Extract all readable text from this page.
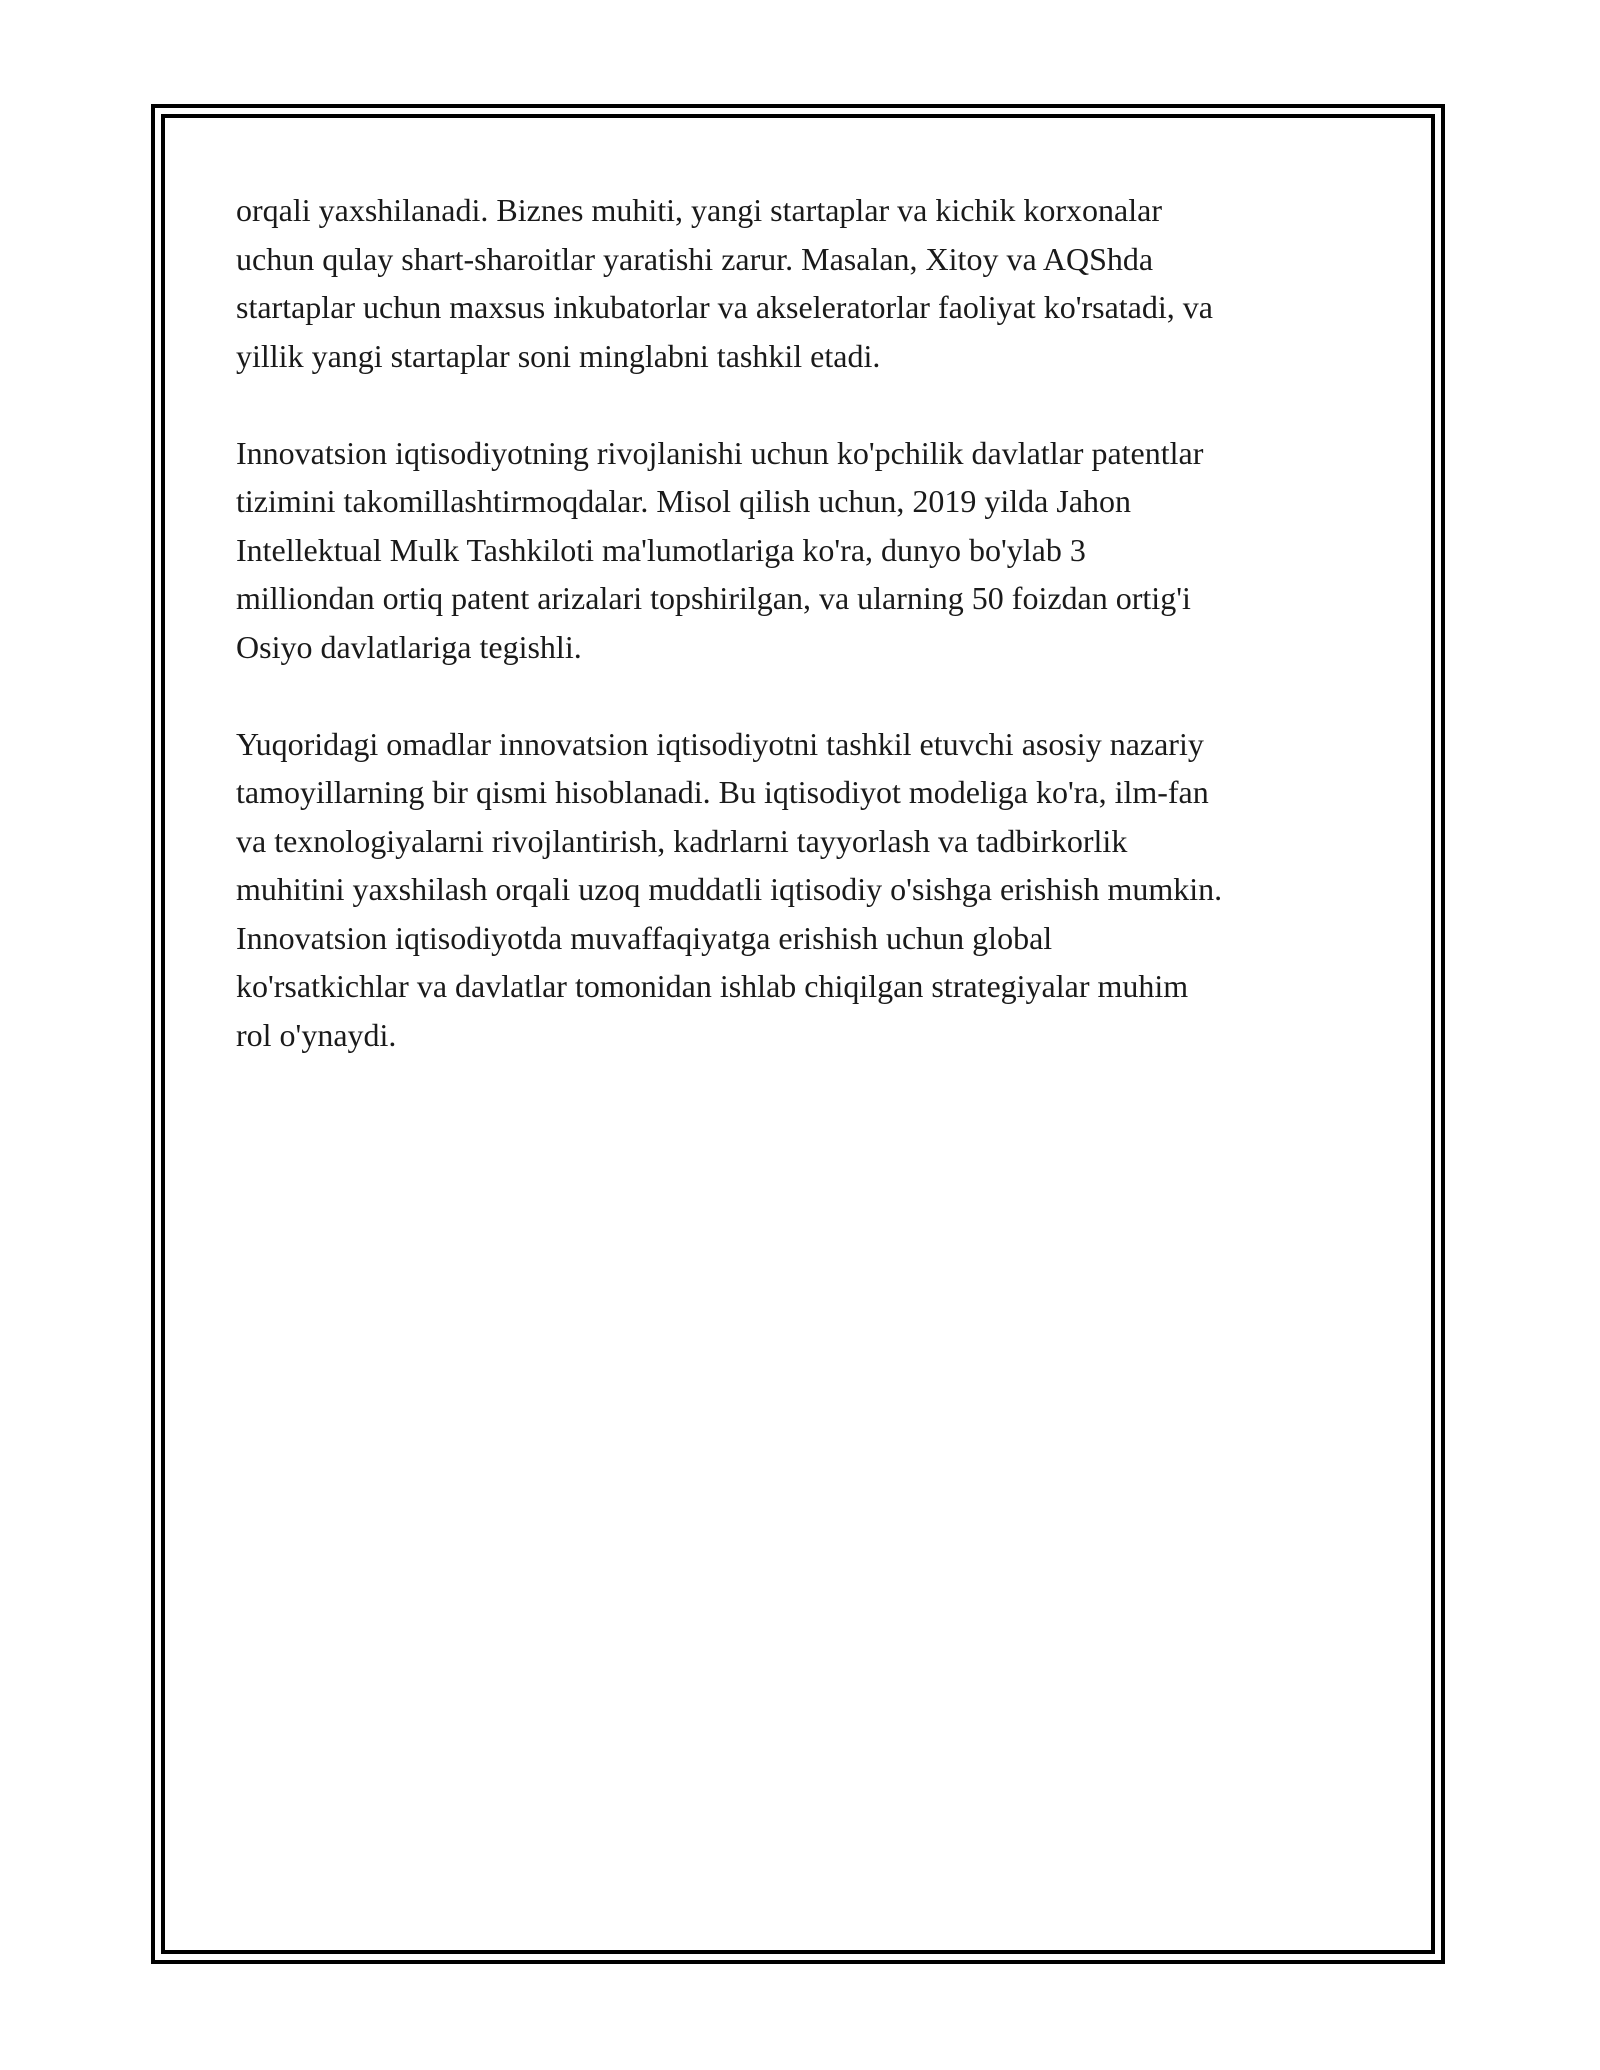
orqali yaxshilanadi. Biznes muhiti, yangi startaplar va kichik korxonalar
uchun qulay shart-sharoitlar yaratishi zarur. Masalan, Xitoy va AQShda
startaplar uchun maxsus inkubatorlar va akseleratorlar faoliyat ko'rsatadi, va
yillik yangi startaplar soni minglabni tashkil etadi.

Innovatsion iqtisodiyotning rivojlanishi uchun ko'pchilik davlatlar patentlar
tizimini takomillashtirmoqdalar. Misol qilish uchun, 2019 yilda Jahon
Intellektual Mulk Tashkiloti ma'lumotlariga ko'ra, dunyo bo'ylab 3
milliondan ortiq patent arizalari topshirilgan, va ularning 50 foizdan ortig'i
Osiyo davlatlariga tegishli.

Yuqoridagi omadlar innovatsion iqtisodiyotni tashkil etuvchi asosiy nazariy
tamoyillarning bir qismi hisoblanadi. Bu iqtisodiyot modeliga ko'ra, ilm-fan
va texnologiyalarni rivojlantirish, kadrlarni tayyorlash va tadbirkorlik
muhitini yaxshilash orqali uzoq muddatli iqtisodiy o'sishga erishish mumkin.
Innovatsion iqtisodiyotda muvaffaqiyatga erishish uchun global
ko'rsatkichlar va davlatlar tomonidan ishlab chiqilgan strategiyalar muhim
rol o'ynaydi.
